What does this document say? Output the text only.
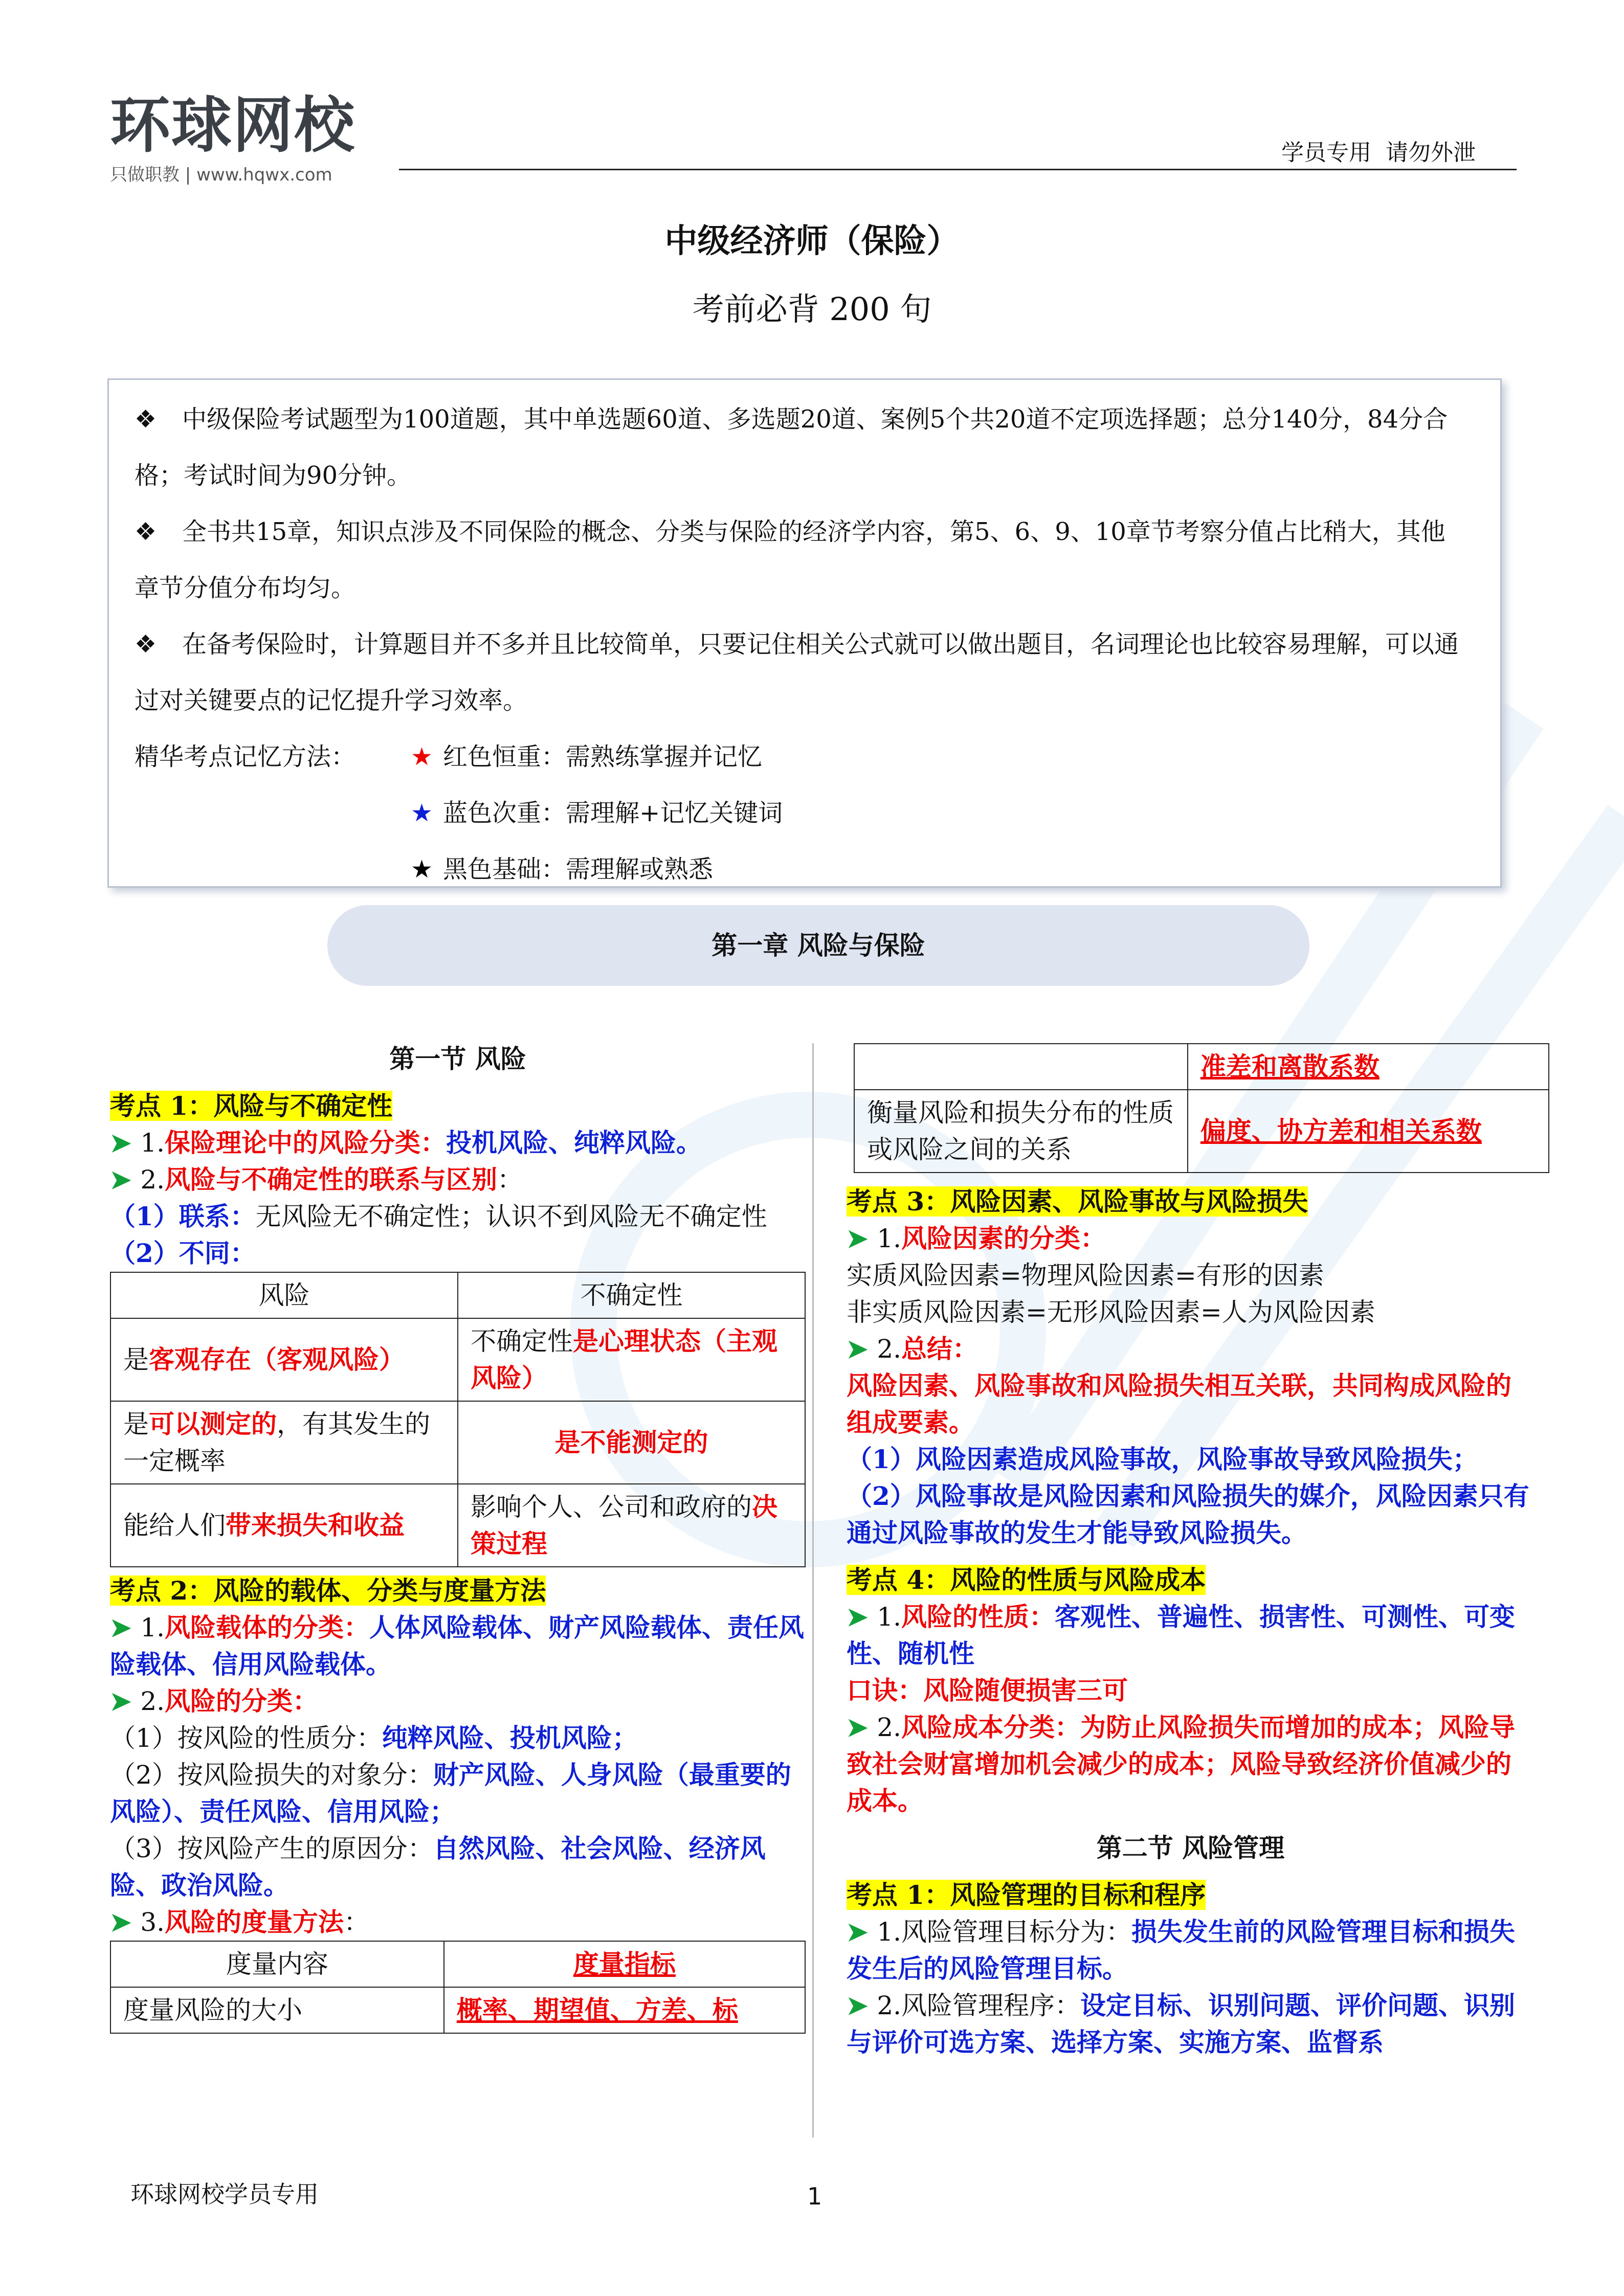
环球网校
只做职教 | www.hqwx.com
学员专用  请勿外泄
中级经济师（保险）
考前必背 200 句

❖ 中级保险考试题型为100道题，其中单选题60道、多选题20道、案例5个共20道不定项选择题；总分140分，84分合格；考试时间为90分钟。

❖ 全书共15章，知识点涉及不同保险的概念、分类与保险的经济学内容，第5、6、9、10章节考察分值占比稍大，其他章节分值分布均匀。

❖ 在备考保险时，计算题目并不多并且比较简单，只要记住相关公式就可以做出题目，名词理论也比较容易理解，可以通过对关键要点的记忆提升学习效率。

精华考点记忆方法： ★ 红色恒重：需熟练掌握并记忆

★ 蓝色次重：需理解+记忆关键词

★ 黑色基础：需理解或熟悉

第一章 风险与保险
第一节 风险

考点 1：风险与不确定性

➤ 1.保险理论中的风险分类：投机风险、纯粹风险。

➤ 2.风险与不确定性的联系与区别：

（1）联系：无风险无不确定性；认识不到风险无不确定性

（2）不同：

风险	不确定性
是客观存在（客观风险）	不确定性是心理状态（主观风险）
是可以测定的，有其发生的一定概率	是不能测定的
能给人们带来损失和收益	影响个人、公司和政府的决策过程

考点 2：风险的载体、分类与度量方法

➤ 1.风险载体的分类：人体风险载体、财产风险载体、责任风险载体、信用风险载体。

➤ 2.风险的分类：

（1）按风险的性质分：纯粹风险、投机风险；

（2）按风险损失的对象分：财产风险、人身风险（最重要的风险）、责任风险、信用风险；

（3）按风险产生的原因分：自然风险、社会风险、经济风险、政治风险。

➤ 3.风险的度量方法：

度量内容	度量指标
度量风险的大小	概率、期望值、方差、标
	准差和离散系数
衡量风险和损失分布的性质或风险之间的关系	偏度、协方差和相关系数

考点 3：风险因素、风险事故与风险损失

➤ 1.风险因素的分类：

实质风险因素=物理风险因素=有形的因素

非实质风险因素=无形风险因素=人为风险因素

➤ 2.总结：

风险因素、风险事故和风险损失相互关联，共同构成风险的组成要素。

（1）风险因素造成风险事故，风险事故导致风险损失；

（2）风险事故是风险因素和风险损失的媒介，风险因素只有通过风险事故的发生才能导致风险损失。

考点 4：风险的性质与风险成本

➤ 1.风险的性质：客观性、普遍性、损害性、可测性、可变性、随机性

口诀：风险随便损害三可

➤ 2.风险成本分类：为防止风险损失而增加的成本；风险导致社会财富增加机会减少的成本；风险导致经济价值减少的成本。

第二节 风险管理

考点 1：风险管理的目标和程序

➤ 1.风险管理目标分为：损失发生前的风险管理目标和损失发生后的风险管理目标。

➤ 2.风险管理程序：设定目标、识别问题、评价问题、识别与评价可选方案、选择方案、实施方案、监督系

环球网校学员专用	1
